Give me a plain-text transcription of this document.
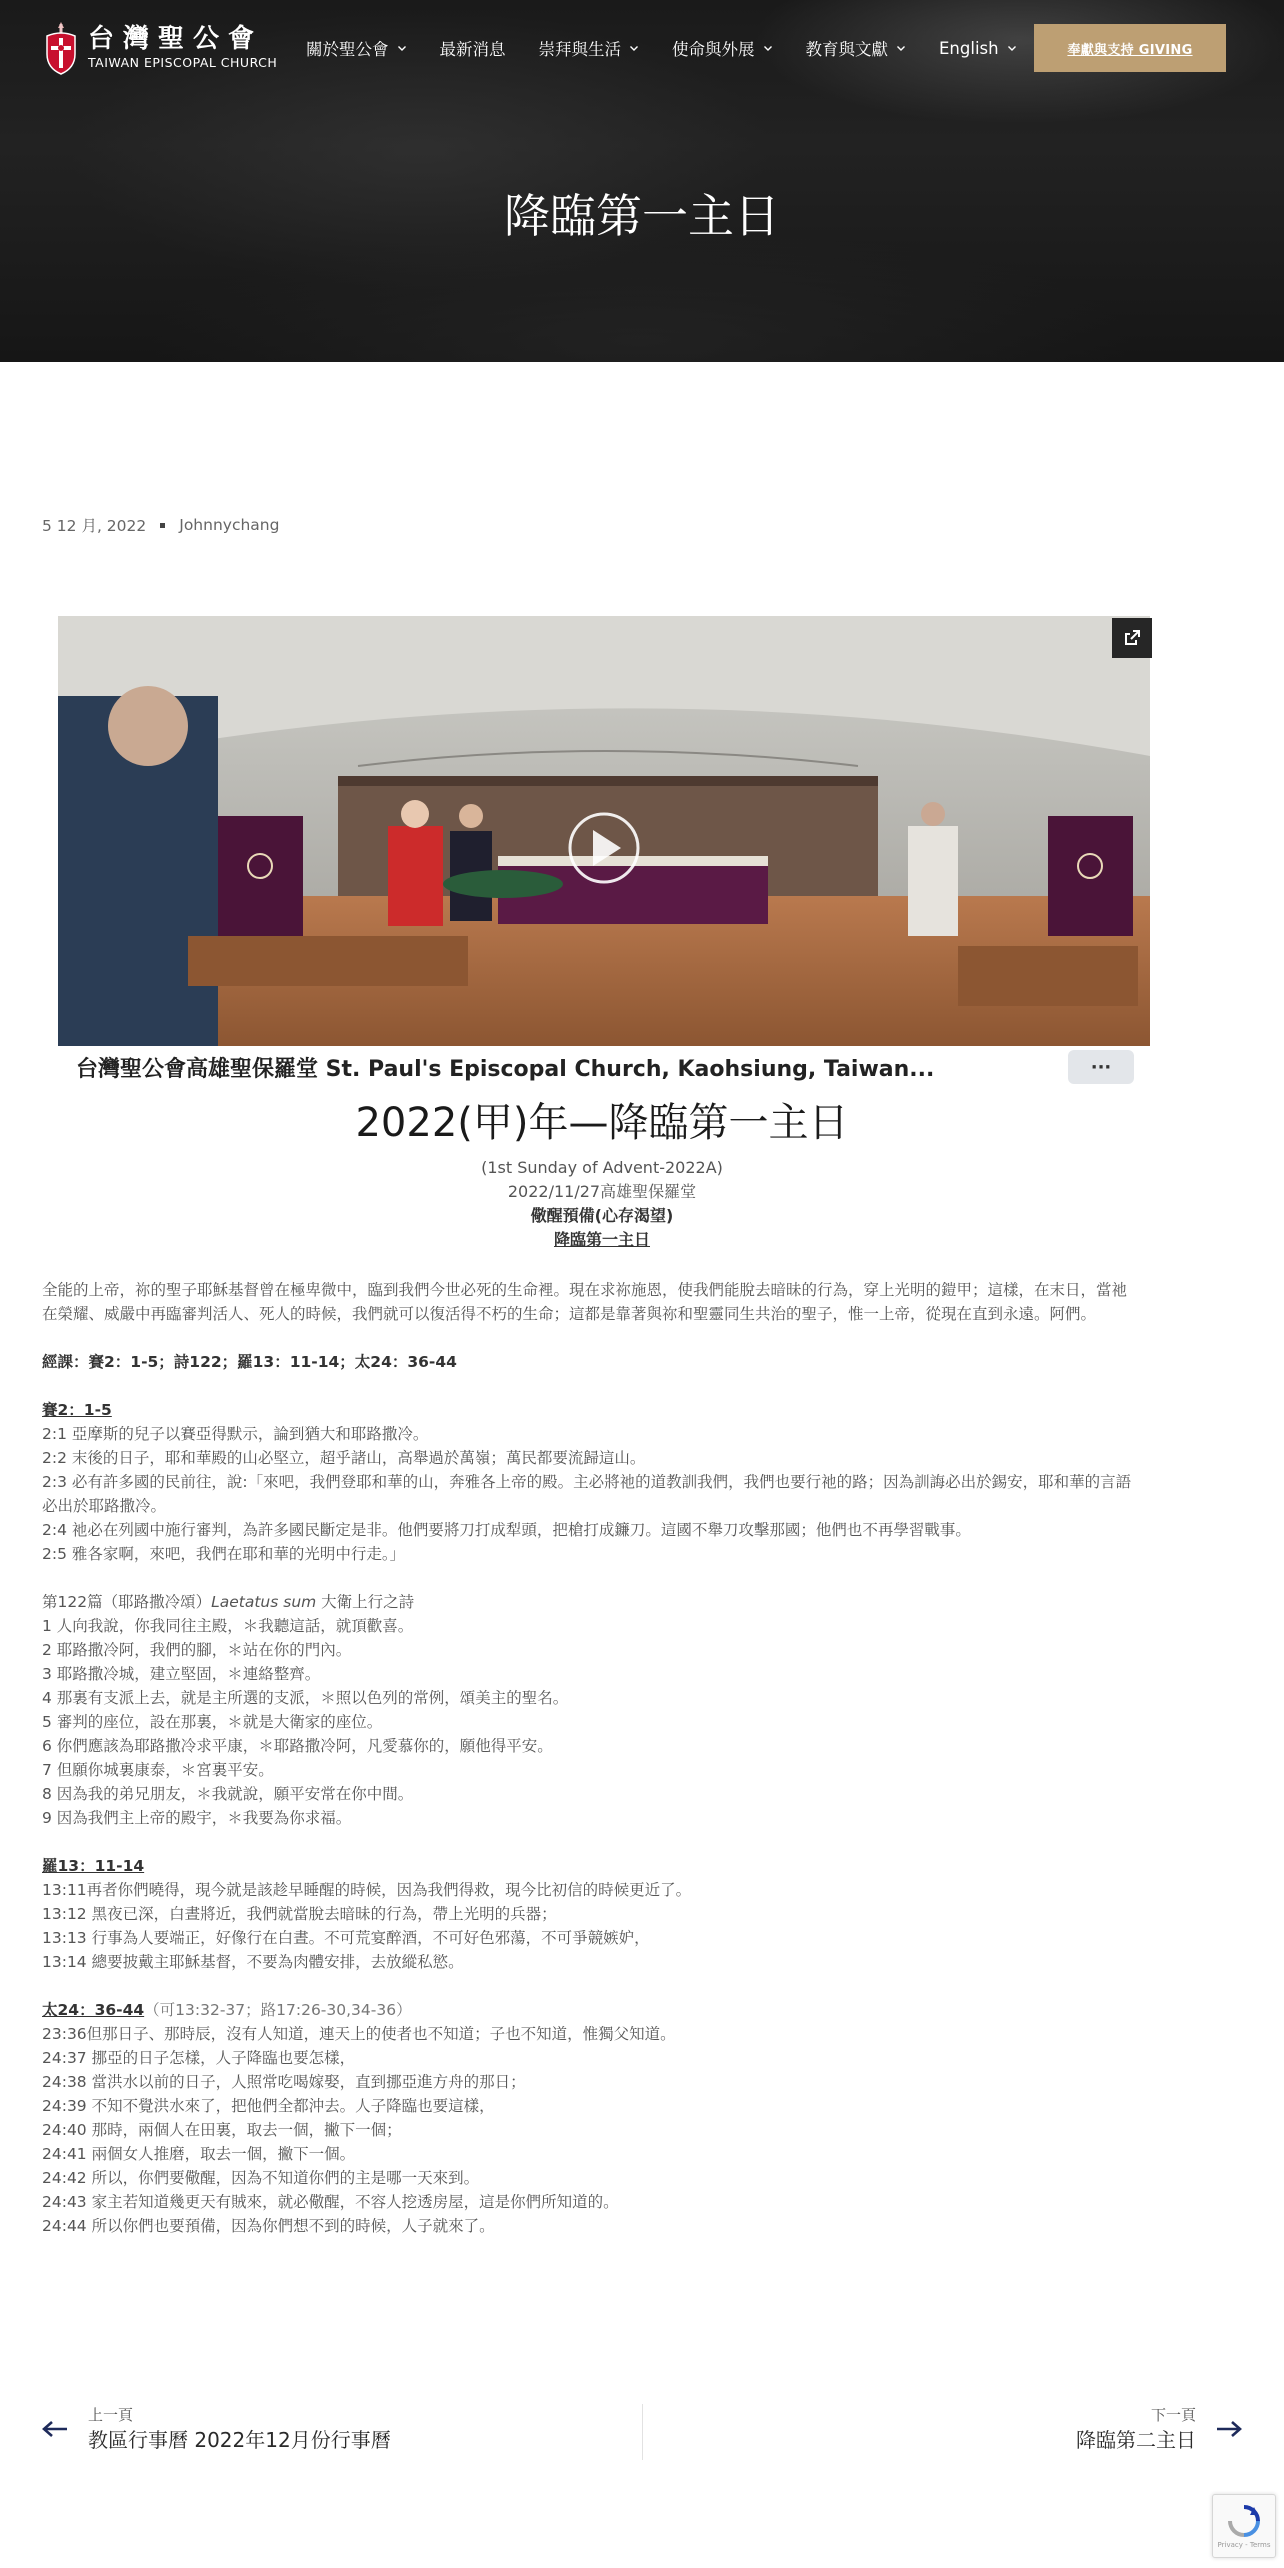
台灣聖公會
TAIWAN EPISCOPAL CHURCH
關於聖公會	最新消息 崇拜與生活	使命與外展	教育與文獻	English	奉獻與支持 GIVING
降臨第一主日
5 12 月, 2022 Johnnychang
台灣聖公會高雄聖保羅堂 St. Paul's Episcopal Church, Kaohsiung, Taiwan...	···
2022(甲)年—降臨第一主日
(1st Sunday of Advent-2022A)
2022/11/27高雄聖保羅堂
儆醒預備(心存渴望)
降臨第一主日

全能的上帝，祢的聖子耶穌基督曾在極卑微中，臨到我們今世必死的生命裡。現在求祢施恩，使我們能脫去暗昧的行為，穿上光明的鎧甲；這樣，在末日，當祂

在榮耀、威嚴中再臨審判活人、死人的時候，我們就可以復活得不朽的生命；這都是靠著與祢和聖靈同生共治的聖子，惟一上帝，從現在直到永遠。阿們。

經課：賽2：1-5；詩122；羅13：11-14；太24：36-44

賽2：1-5

2:1 亞摩斯的兒子以賽亞得默示，論到猶大和耶路撒冷。

2:2 末後的日子，耶和華殿的山必堅立，超乎諸山，高舉過於萬嶺；萬民都要流歸這山。

2:3 必有許多國的民前往，說:「來吧，我們登耶和華的山，奔雅各上帝的殿。主必將祂的道教訓我們，我們也要行祂的路；因為訓誨必出於錫安，耶和華的言語

必出於耶路撒冷。

2:4 祂必在列國中施行審判，為許多國民斷定是非。他們要將刀打成犁頭，把槍打成鐮刀。這國不舉刀攻擊那國；他們也不再學習戰事。

2:5 雅各家啊，來吧，我們在耶和華的光明中行走。」

第122篇（耶路撒冷頌）Laetatus sum 大衛上行之詩

1 人向我說，你我同往主殿，＊我聽這話，就頂歡喜。

2 耶路撒冷阿，我們的腳，＊站在你的門內。

3 耶路撒冷城，建立堅固，＊連絡整齊。

4 那裏有支派上去，就是主所選的支派，＊照以色列的常例，頌美主的聖名。

5 審判的座位，設在那裏，＊就是大衛家的座位。

6 你們應該為耶路撒冷求平康，＊耶路撒冷阿，凡愛慕你的，願他得平安。

7 但願你城裏康泰，＊宮裏平安。

8 因為我的弟兄朋友，＊我就說，願平安常在你中間。

9 因為我們主上帝的殿宇，＊我要為你求福。

羅13：11-14

13:11再者你們曉得，現今就是該趁早睡醒的時候，因為我們得救，現今比初信的時候更近了。

13:12 黑夜已深，白晝將近，我們就當脫去暗昧的行為，帶上光明的兵器；

13:13 行事為人要端正，好像行在白晝。不可荒宴醉酒，不可好色邪蕩，不可爭競嫉妒，

13:14 總要披戴主耶穌基督，不要為肉體安排，去放縱私慾。

太24：36-44（可13:32-37；路17:26-30,34-36）

23:36但那日子、那時辰，沒有人知道，連天上的使者也不知道；子也不知道，惟獨父知道。

24:37 挪亞的日子怎樣，人子降臨也要怎樣，

24:38 當洪水以前的日子，人照常吃喝嫁娶，直到挪亞進方舟的那日；

24:39 不知不覺洪水來了，把他們全都沖去。人子降臨也要這樣，

24:40 那時，兩個人在田裏，取去一個，撇下一個；

24:41 兩個女人推磨，取去一個，撇下一個。

24:42 所以，你們要儆醒，因為不知道你們的主是哪一天來到。

24:43 家主若知道幾更天有賊來，就必儆醒，不容人挖透房屋，這是你們所知道的。

24:44 所以你們也要預備，因為你們想不到的時候，人子就來了。

上一頁
教區行事曆 2022年12月份行事曆
下一頁
降臨第二主日
Privacy - Terms
